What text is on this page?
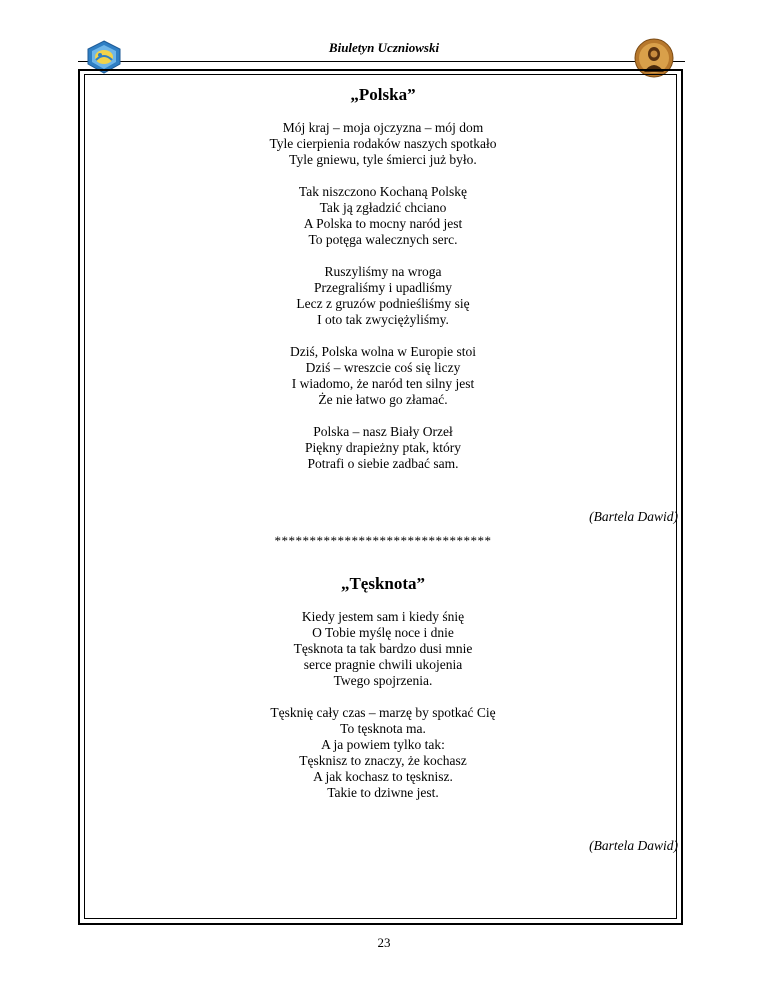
Biuletyn Uczniowski

„Polska”

Mój kraj – moja ojczyzna – mój dom
Tyle cierpienia rodaków naszych spotkało
Tyle gniewu, tyle śmierci już było.

Tak niszczono Kochaną Polskę
Tak ją zgładzić chciano
A Polska to mocny naród jest
To potęga walecznych serc.

Ruszyliśmy na wroga
Przegraliśmy i upadliśmy
Lecz z gruzów podnieśliśmy się
I oto tak zwyciężyliśmy.

Dziś, Polska wolna w Europie stoi
Dziś – wreszcie coś się liczy
I wiadomo, że naród ten silny jest
Że nie łatwo go złamać.

Polska – nasz Biały Orzeł
Piękny drapieżny ptak, który
Potrafi o siebie zadbać sam.

(Bartela Dawid)

*******************************

„Tęsknota”

Kiedy jestem sam i kiedy śnię
O Tobie myślę noce i dnie
Tęsknota ta tak bardzo dusi mnie
serce pragnie chwili ukojenia
Twego spojrzenia.

Tęsknię cały czas – marzę by spotkać Cię
To tęsknota ma.
A ja powiem tylko tak:
Tęsknisz to znaczy, że kochasz
A jak kochasz to tęsknisz.
Takie to dziwne jest.

(Bartela Dawid)

23
